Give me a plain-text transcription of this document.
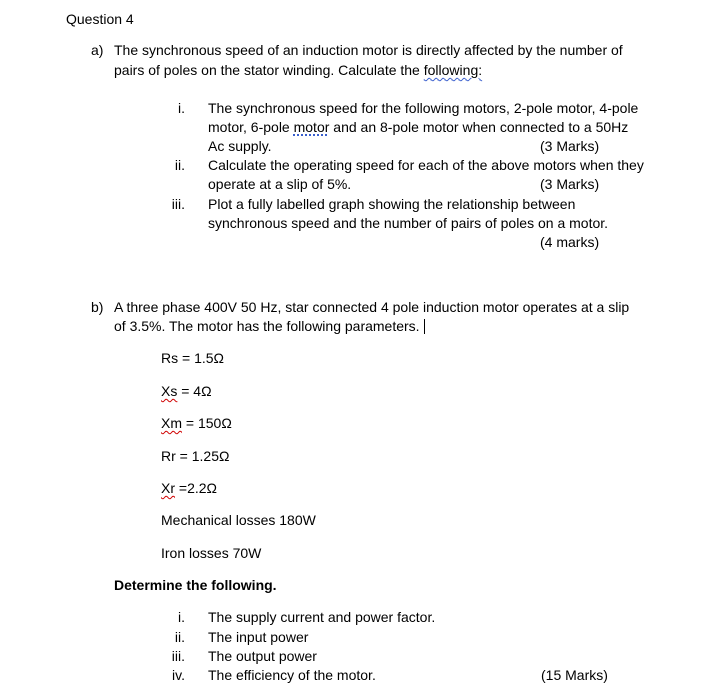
Question 4
a) The synchronous speed of an induction motor is directly affected by the number of
pairs of poles on the stator winding. Calculate the following:
i. The synchronous speed for the following motors, 2-pole motor, 4-pole
motor, 6-pole motor and an 8-pole motor when connected to a 50Hz
Ac supply.	(3 Marks)
ii. Calculate the operating speed for each of the above motors when they
operate at a slip of 5%.	(3 Marks)
iii. Plot a fully labelled graph showing the relationship between
synchronous speed and the number of pairs of poles on a motor.
(4 marks)
b) A three phase 400V 50 Hz, star connected 4 pole induction motor operates at a slip
of 3.5%. The motor has the following parameters.
Rs = 1.5Ω
Xs = 4Ω
Xm = 150Ω
Rr = 1.25Ω
Xr =2.2Ω
Mechanical losses 180W
Iron losses 70W
Determine the following.
i. The supply current and power factor.
ii. The input power
iii. The output power
iv. The efficiency of the motor.	(15 Marks)
